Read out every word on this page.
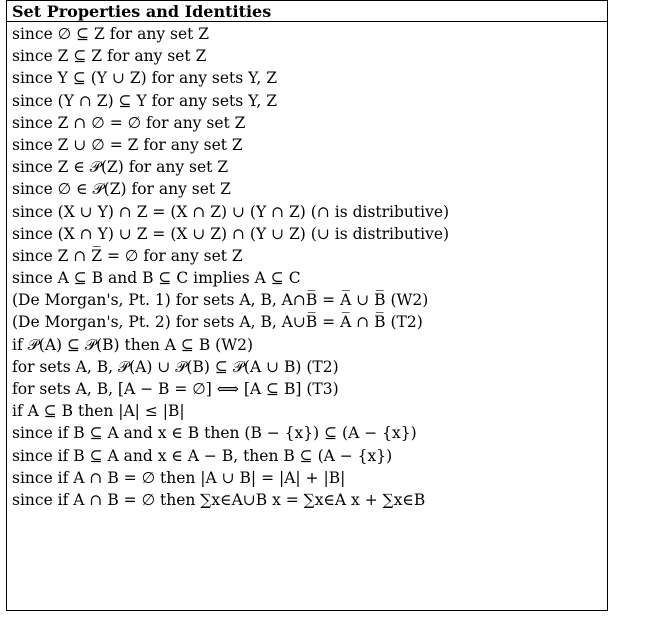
Set Properties and Identities
since ∅ ⊆ Z for any set Z
since Z ⊆ Z for any set Z
since Y ⊆ (Y ∪ Z) for any sets Y, Z
since (Y ∩ Z) ⊆ Y for any sets Y, Z
since Z ∩ ∅ = ∅ for any set Z
since Z ∪ ∅ = Z for any set Z
since Z ∈ 𝒫(Z) for any set Z
since ∅ ∈ 𝒫(Z) for any set Z
since (X ∪ Y) ∩ Z = (X ∩ Z) ∪ (Y ∩ Z) (∩ is distributive)
since (X ∩ Y) ∪ Z = (X ∪ Z) ∩ (Y ∪ Z) (∪ is distributive)
since Z ∩ Z̅ = ∅ for any set Z
since A ⊆ B and B ⊆ C implies A ⊆ C
(De Morgan's, Pt. 1) for sets A, B, A∩B̅ = A̅ ∪ B̅ (W2)
(De Morgan's, Pt. 2) for sets A, B, A∪B̅ = A̅ ∩ B̅ (T2)
if 𝒫(A) ⊆ 𝒫(B) then A ⊆ B (W2)
for sets A, B, 𝒫(A) ∪ 𝒫(B) ⊆ 𝒫(A ∪ B) (T2)
for sets A, B, [A − B = ∅] ⟺ [A ⊆ B] (T3)
if A ⊆ B then |A| ≤ |B|
since if B ⊆ A and x ∈ B then (B − {x}) ⊆ (A − {x})
since if B ⊆ A and x ∈ A − B, then B ⊆ (A − {x})
since if A ∩ B = ∅ then |A ∪ B| = |A| + |B|
since if A ∩ B = ∅ then ∑x∈A∪B x = ∑x∈A x + ∑x∈B
